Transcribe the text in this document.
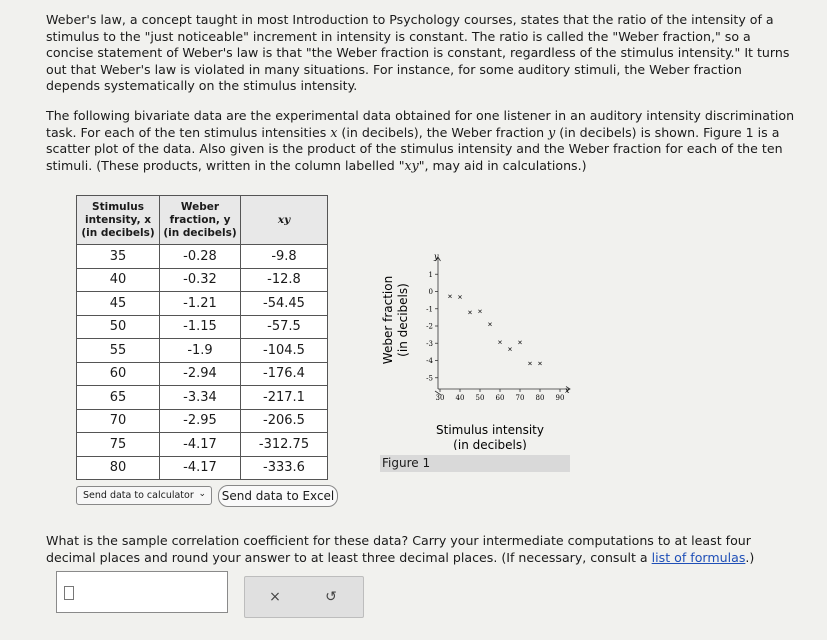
Weber's law, a concept taught in most Introduction to Psychology courses, states that the ratio of the intensity of a
stimulus to the "just noticeable" increment in intensity is constant. The ratio is called the "Weber fraction," so a
concise statement of Weber's law is that "the Weber fraction is constant, regardless of the stimulus intensity." It turns
out that Weber's law is violated in many situations. For instance, for some auditory stimuli, the Weber fraction
depends systematically on the stimulus intensity.

The following bivariate data are the experimental data obtained for one listener in an auditory intensity discrimination
task. For each of the ten stimulus intensities x (in decibels), the Weber fraction y (in decibels) is shown. Figure 1 is a
scatter plot of the data. Also given is the product of the stimulus intensity and the Weber fraction for each of the ten
stimuli. (These products, written in the column labelled "xy", may aid in calculations.)

Stimulus
intensity, x
(in decibels)	Weber
fraction, y
(in decibels)	xy
35	-0.28	-9.8
40	-0.32	-12.8
45	-1.21	-54.45
50	-1.15	-57.5
55	-1.9	-104.5
60	-2.94	-176.4
65	-3.34	-217.1
70	-2.95	-206.5
75	-4.17	-312.75
80	-4.17	-333.6
Send data to calculator ⌄	Send data to Excel
1
0
-1
-2
-3
-4
-5
30 40 50 60 70 80 90
x
y
Weber fraction (in decibels)
Stimulus intensity
(in decibels)
Figure 1

What is the sample correlation coefficient for these data? Carry your intermediate computations to at least four
decimal places and round your answer to at least three decimal places. (If necessary, consult a list of formulas.)

×	↺
